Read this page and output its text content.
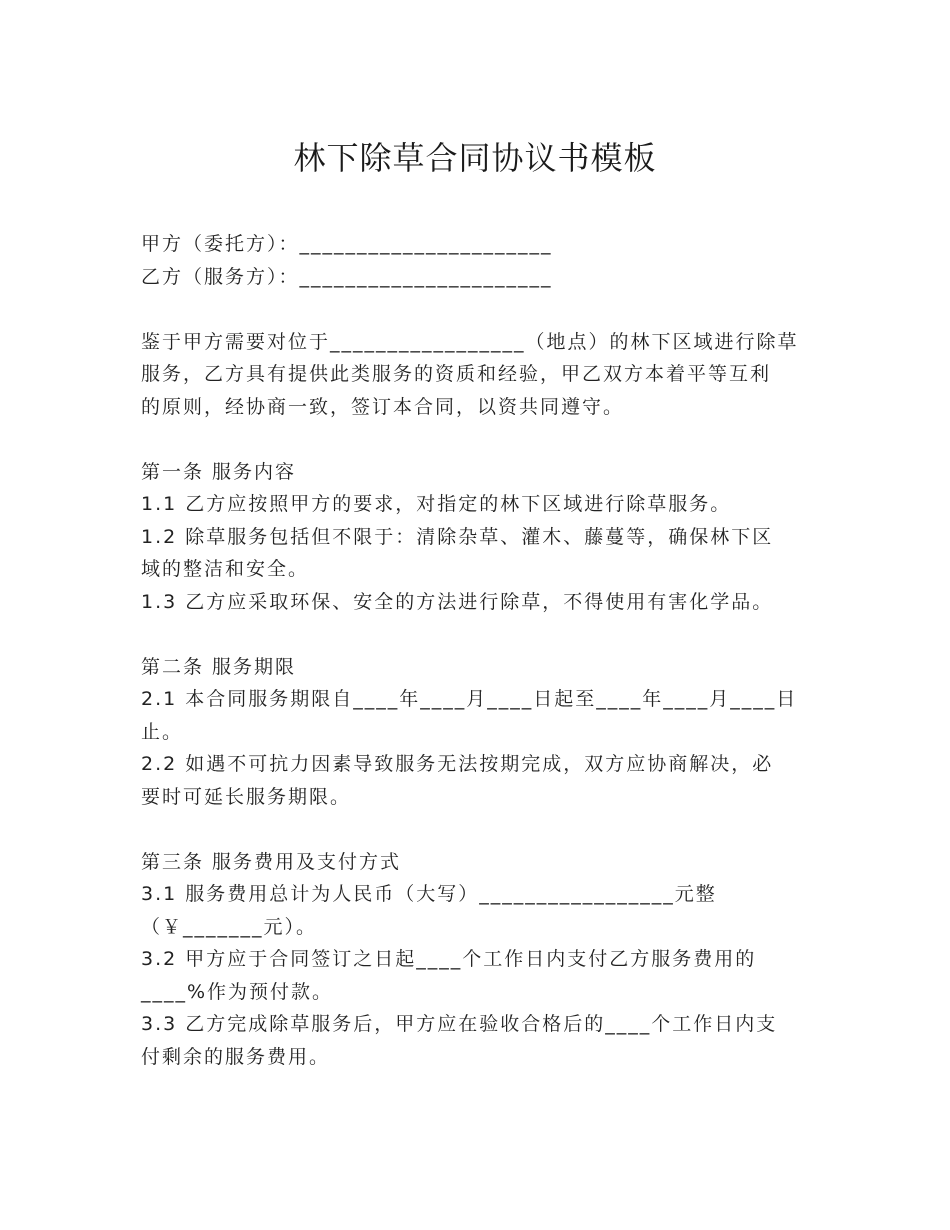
林下除草合同协议书模板
甲方（委托方）：______________________
乙方（服务方）：______________________
鉴于甲方需要对位于_________________（地点）的林下区域进行除草
服务，乙方具有提供此类服务的资质和经验，甲乙双方本着平等互利
的原则，经协商一致，签订本合同，以资共同遵守。
第一条 服务内容
1.1 乙方应按照甲方的要求，对指定的林下区域进行除草服务。
1.2 除草服务包括但不限于：清除杂草、灌木、藤蔓等，确保林下区
域的整洁和安全。
1.3 乙方应采取环保、安全的方法进行除草，不得使用有害化学品。
第二条 服务期限
2.1 本合同服务期限自____年____月____日起至____年____月____日
止。
2.2 如遇不可抗力因素导致服务无法按期完成，双方应协商解决，必
要时可延长服务期限。
第三条 服务费用及支付方式
3.1 服务费用总计为人民币（大写）_________________元整
（￥_______元）。
3.2 甲方应于合同签订之日起____个工作日内支付乙方服务费用的
____%作为预付款。
3.3 乙方完成除草服务后，甲方应在验收合格后的____个工作日内支
付剩余的服务费用。
